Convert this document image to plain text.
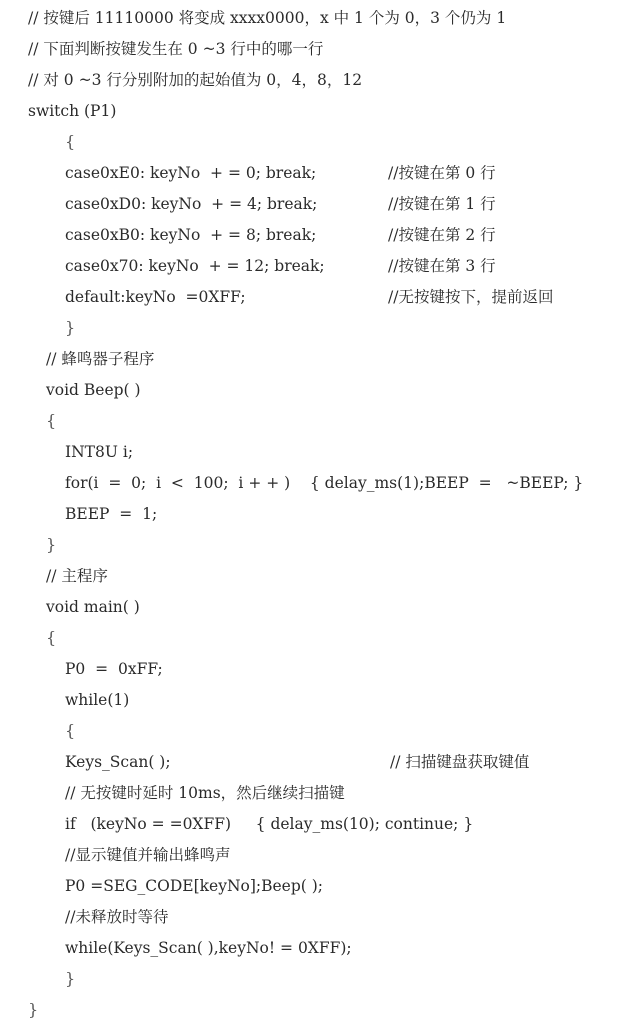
// 按键后 11110000 将变成 xxxx0000，x 中 1 个为 0，3 个仍为 1
// 下面判断按键发生在 0 ~3 行中的哪一行
// 对 0 ~3 行分别附加的起始值为 0，4，8，12
switch (P1)
{
case0xE0: keyNo  + = 0; break;	//按键在第 0 行
case0xD0: keyNo  + = 4; break;	//按键在第 1 行
case0xB0: keyNo  + = 8; break;	//按键在第 2 行
case0x70: keyNo  + = 12; break;	//按键在第 3 行
default:keyNo  =0XFF;	//无按键按下，提前返回
}
// 蜂鸣器子程序
void Beep( )
{
INT8U i;
for(i  =  0;  i  <  100;  i + + )    { delay_ms(1);BEEP  =   ~BEEP; }
BEEP  =  1;
}
// 主程序
void main( )
{
P0  =  0xFF;
while(1)
{
Keys_Scan( );	// 扫描键盘获取键值
// 无按键时延时 10ms，然后继续扫描键
if   (keyNo = =0XFF)     { delay_ms(10); continue; }
//显示键值并输出蜂鸣声
P0 =SEG_CODE[keyNo];Beep( );
//未释放时等待
while(Keys_Scan( ),keyNo! = 0XFF);
}
}
